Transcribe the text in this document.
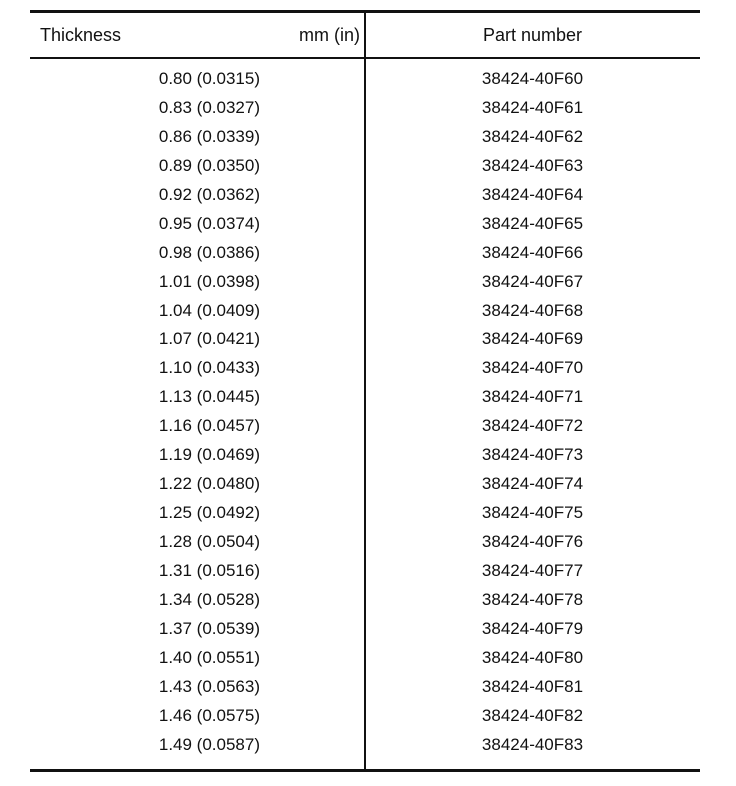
Thickness	mm (in)	Part number
0.80 (0.0315)	38424-40F60
0.83 (0.0327)	38424-40F61
0.86 (0.0339)	38424-40F62
0.89 (0.0350)	38424-40F63
0.92 (0.0362)	38424-40F64
0.95 (0.0374)	38424-40F65
0.98 (0.0386)	38424-40F66
1.01 (0.0398)	38424-40F67
1.04 (0.0409)	38424-40F68
1.07 (0.0421)	38424-40F69
1.10 (0.0433)	38424-40F70
1.13 (0.0445)	38424-40F71
1.16 (0.0457)	38424-40F72
1.19 (0.0469)	38424-40F73
1.22 (0.0480)	38424-40F74
1.25 (0.0492)	38424-40F75
1.28 (0.0504)	38424-40F76
1.31 (0.0516)	38424-40F77
1.34 (0.0528)	38424-40F78
1.37 (0.0539)	38424-40F79
1.40 (0.0551)	38424-40F80
1.43 (0.0563)	38424-40F81
1.46 (0.0575)	38424-40F82
1.49 (0.0587)	38424-40F83
